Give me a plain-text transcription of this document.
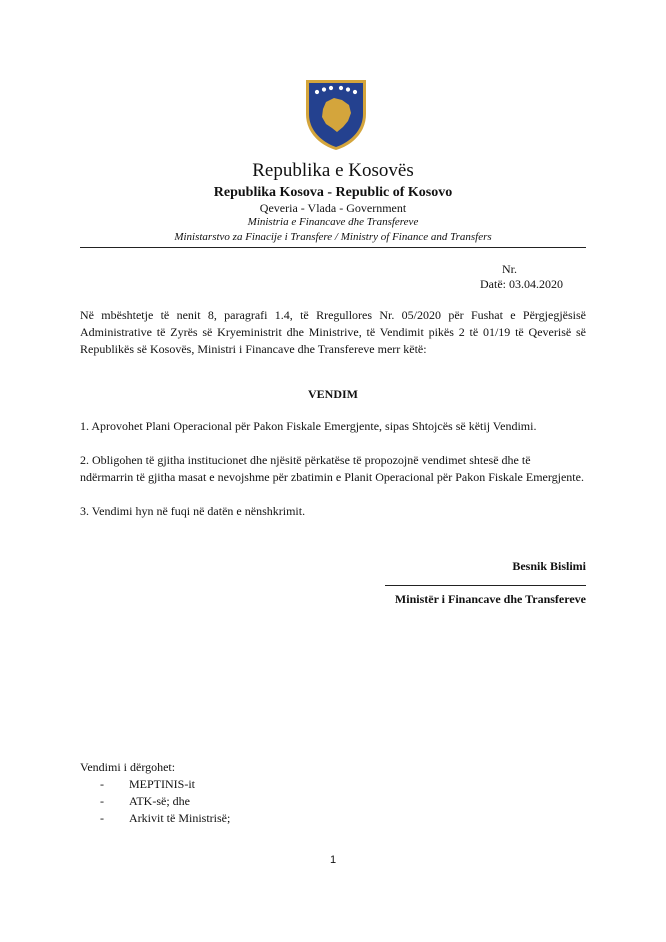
Republika e Kosovës
Republika Kosova - Republic of Kosovo
Qeveria - Vlada - Government
Ministria e Financave dhe Transfereve
Ministarstvo za Finacije i Transfere / Ministry of Finance and Transfers
Nr.
Datë: 03.04.2020
Në mbështetje të nenit 8, paragrafi 1.4, të Rregullores Nr. 05/2020 për Fushat e Përgjegjësisë Administrative të Zyrës së Kryeministrit dhe Ministrive, të Vendimit pikës 2 të 01/19 të Qeverisë së Republikës së Kosovës, Ministri i Financave dhe Transfereve merr këtë:
VENDIM
1. Aprovohet Plani Operacional për Pakon Fiskale Emergjente, sipas Shtojcës së këtij Vendimi.
2. Obligohen të gjitha institucionet dhe njësitë përkatëse të propozojnë vendimet shtesë dhe të ndërmarrin të gjitha masat e nevojshme për zbatimin e Planit Operacional për Pakon Fiskale Emergjente.
3. Vendimi hyn në fuqi në datën e nënshkrimit.
Besnik Bislimi
Ministër i Financave dhe Transfereve
Vendimi i dërgohet:
-	MEPTINIS-it
-	ATK-së; dhe
-	Arkivit të Ministrisë;
1
